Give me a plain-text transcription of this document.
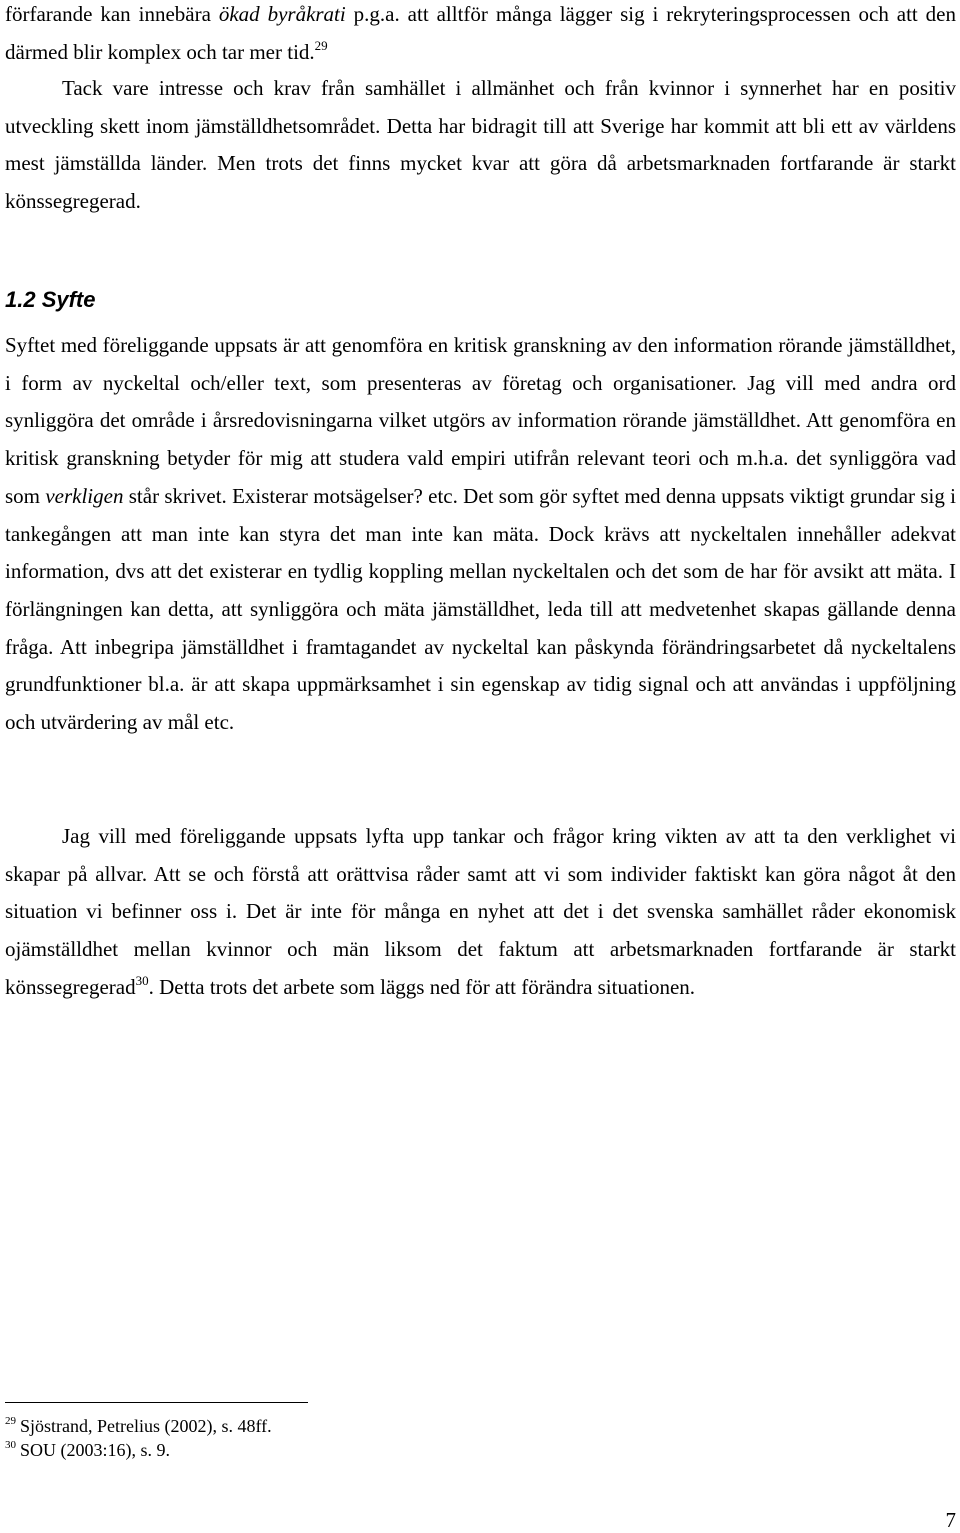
förfarande kan innebära ökad byråkrati p.g.a. att alltför många lägger sig i rekryteringsprocessen och att den därmed blir komplex och tar mer tid.$^{29}$

Tack vare intresse och krav från samhället i allmänhet och från kvinnor i synnerhet har en positiv utveckling skett inom jämställdhetsområdet. Detta har bidragit till att Sverige har kommit att bli ett av världens mest jämställda länder. Men trots det finns mycket kvar att göra då arbetsmarknaden fortfarande är starkt könssegregerad.

1.2 Syfte

Syftet med föreliggande uppsats är att genomföra en kritisk granskning av den information rörande jämställdhet, i form av nyckeltal och/eller text, som presenteras av företag och organisationer. Jag vill med andra ord synliggöra det område i årsredovisningarna vilket utgörs av information rörande jämställdhet. Att genomföra en kritisk granskning betyder för mig att studera vald empiri utifrån relevant teori och m.h.a. det synliggöra vad som verkligen står skrivet. Existerar motsägelser? etc. Det som gör syftet med denna uppsats viktigt grundar sig i tankegången att man inte kan styra det man inte kan mäta. Dock krävs att nyckeltalen innehåller adekvat information, dvs att det existerar en tydlig koppling mellan nyckeltalen och det som de har för avsikt att mäta. I förlängningen kan detta, att synliggöra och mäta jämställdhet, leda till att medvetenhet skapas gällande denna fråga. Att inbegripa jämställdhet i framtagandet av nyckeltal kan påskynda förändringsarbetet då nyckeltalens grundfunktioner bl.a. är att skapa uppmärksamhet i sin egenskap av tidig signal och att användas i uppföljning och utvärdering av mål etc.

Jag vill med föreliggande uppsats lyfta upp tankar och frågor kring vikten av att ta den verklighet vi skapar på allvar. Att se och förstå att orättvisa råder samt att vi som individer faktiskt kan göra något åt den situation vi befinner oss i. Det är inte för många en nyhet att det i det svenska samhället råder ekonomisk ojämställdhet mellan kvinnor och män liksom det faktum att arbetsmarknaden fortfarande är starkt könssegregerad$^{30}$. Detta trots det arbete som läggs ned för att förändra situationen.

$^{29}$ Sjöstrand, Petrelius (2002), s. 48ff.

$^{30}$ SOU (2003:16), s. 9.

7
